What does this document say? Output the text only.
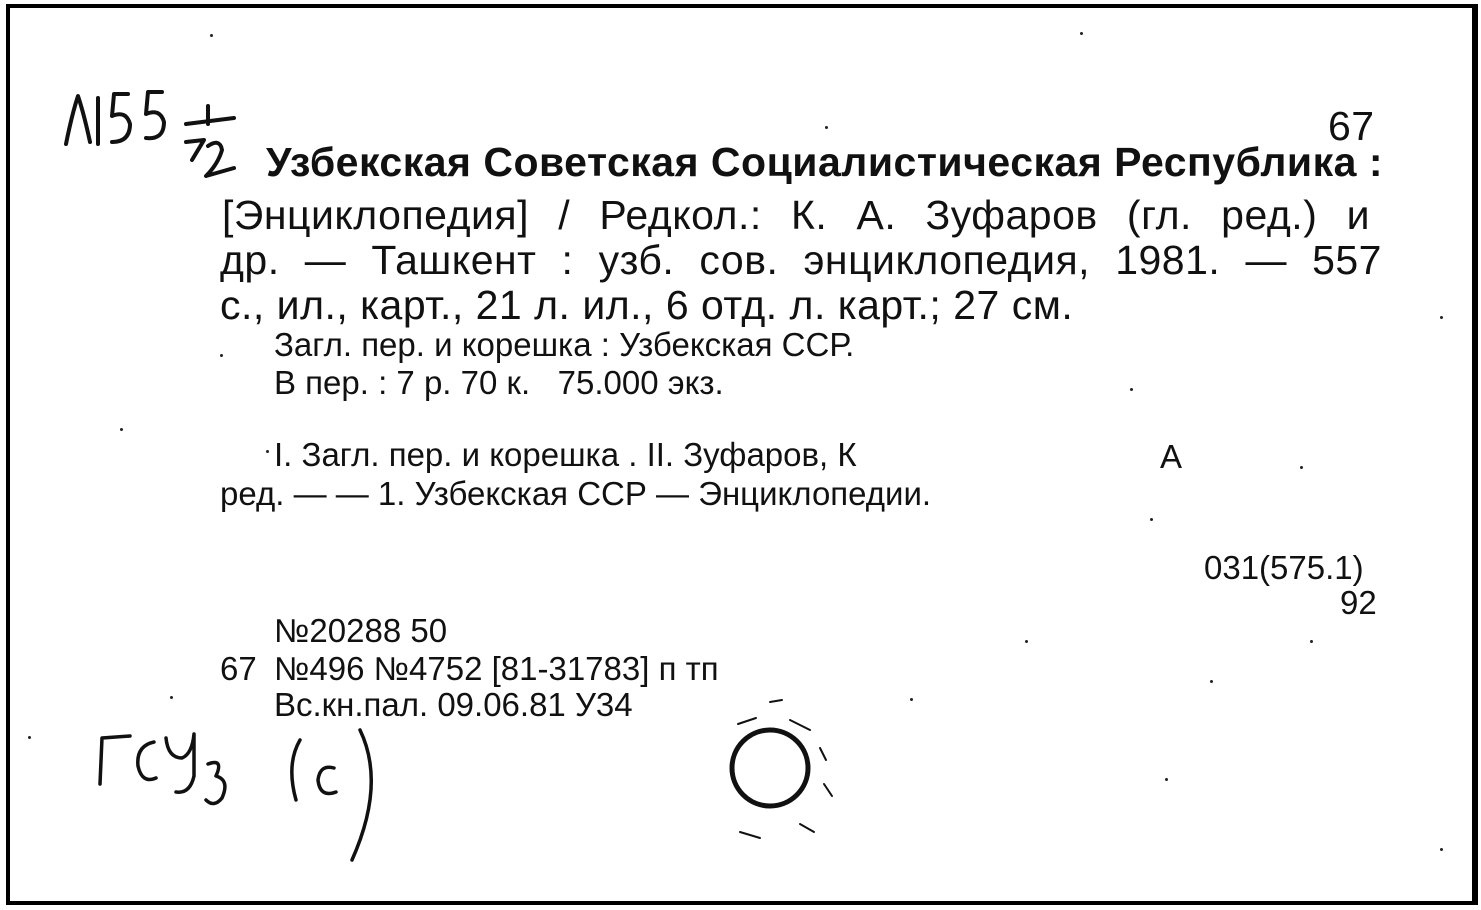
67
Узбекская Советская Социалистическая Республика :
[Энциклопедия] / Редкол.: К. А. Зуфаров (гл. ред.) и
др. — Ташкент : узб. сов. энциклопедия, 1981. — 557
с., ил., карт., 21 л. ил., 6 отд. л. карт.; 27 см.
Загл. пер. и корешка : Узбекская ССР.
В пер. : 7 р. 70 к.   75.000 экз.
I. Загл. пер. и корешка . II. Зуфаров, К	А
ред. — — 1. Узбекская ССР — Энциклопедии.
031(575.1)
92
№20288 50
67 №496 №4752 [81-31783] п тп
Вс.кн.пал. 09.06.81 У34
